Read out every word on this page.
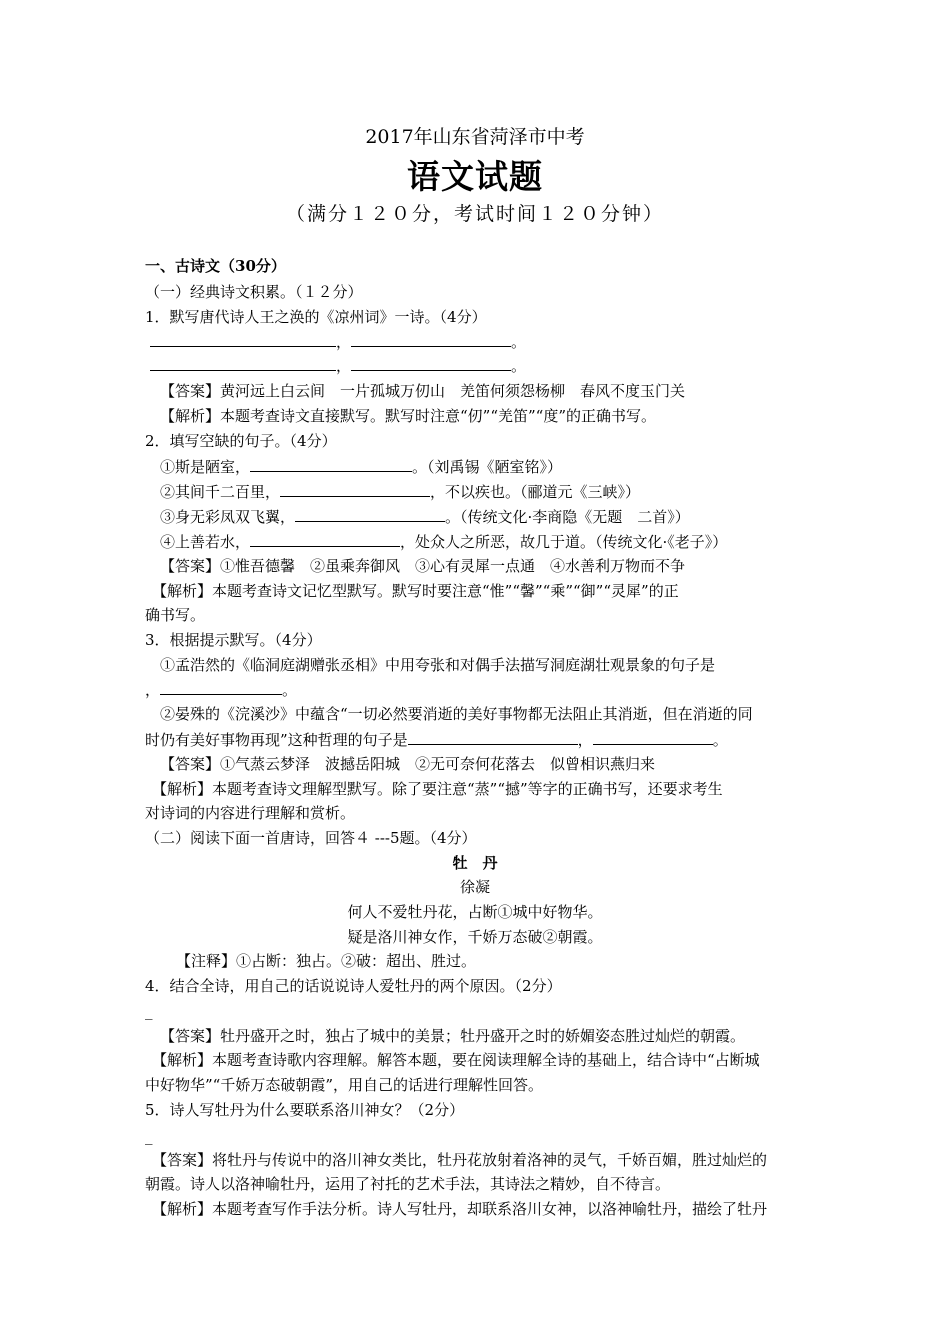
2017年山东省菏泽市中考
语文试题
（满分１２０分，考试时间１２０分钟）
一、古诗文（30分）
（一）经典诗文积累。（１２分）
1．默写唐代诗人王之涣的《凉州词》一诗。（4分）
，	。
，	。
【答案】黄河远上白云间　一片孤城万仞山　羌笛何须怨杨柳　春风不度玉门关
【解析】本题考查诗文直接默写。默写时注意“仞”“羌笛”“度”的正确书写。
2．填写空缺的句子。（4分）
①斯是陋室，	。（刘禹锡《陋室铭》）
②其间千二百里，	，不以疾也。（郦道元《三峡》）
③身无彩凤双飞翼，	。（传统文化·李商隐《无题　二首》）
④上善若水，	，处众人之所恶，故几于道。（传统文化·《老子》）
【答案】①惟吾德馨　②虽乘奔御风　③心有灵犀一点通　④水善利万物而不争
【解析】本题考查诗文记忆型默写。默写时要注意“惟”“馨”“乘”“御”“灵犀”的正
确书写。
3．根据提示默写。（4分）
①孟浩然的《临洞庭湖赠张丞相》中用夸张和对偶手法描写洞庭湖壮观景象的句子是
，	。
②晏殊的《浣溪沙》中蕴含“一切必然要消逝的美好事物都无法阻止其消逝，但在消逝的同
时仍有美好事物再现”这种哲理的句子是	，	。
【答案】①气蒸云梦泽　波撼岳阳城　②无可奈何花落去　似曾相识燕归来
【解析】本题考查诗文理解型默写。除了要注意“蒸”“撼”等字的正确书写，还要求考生
对诗词的内容进行理解和赏析。
（二）阅读下面一首唐诗，回答４ ---5题。（4分）
牡　丹
徐凝
何人不爱牡丹花，占断①城中好物华。
疑是洛川神女作，千娇万态破②朝霞。
【注释】①占断：独占。②破：超出、胜过。
4．结合全诗，用自己的话说说诗人爱牡丹的两个原因。（2分）
_
【答案】牡丹盛开之时，独占了城中的美景；牡丹盛开之时的娇媚姿态胜过灿烂的朝霞。
【解析】本题考查诗歌内容理解。解答本题，要在阅读理解全诗的基础上，结合诗中“占断城
中好物华”“千娇万态破朝霞”，用自己的话进行理解性回答。
5．诗人写牡丹为什么要联系洛川神女？（2分）
_
【答案】将牡丹与传说中的洛川神女类比，牡丹花放射着洛神的灵气，千娇百媚，胜过灿烂的
朝霞。诗人以洛神喻牡丹，运用了衬托的艺术手法，其诗法之精妙，自不待言。
【解析】本题考查写作手法分析。诗人写牡丹，却联系洛川女神，以洛神喻牡丹，描绘了牡丹
